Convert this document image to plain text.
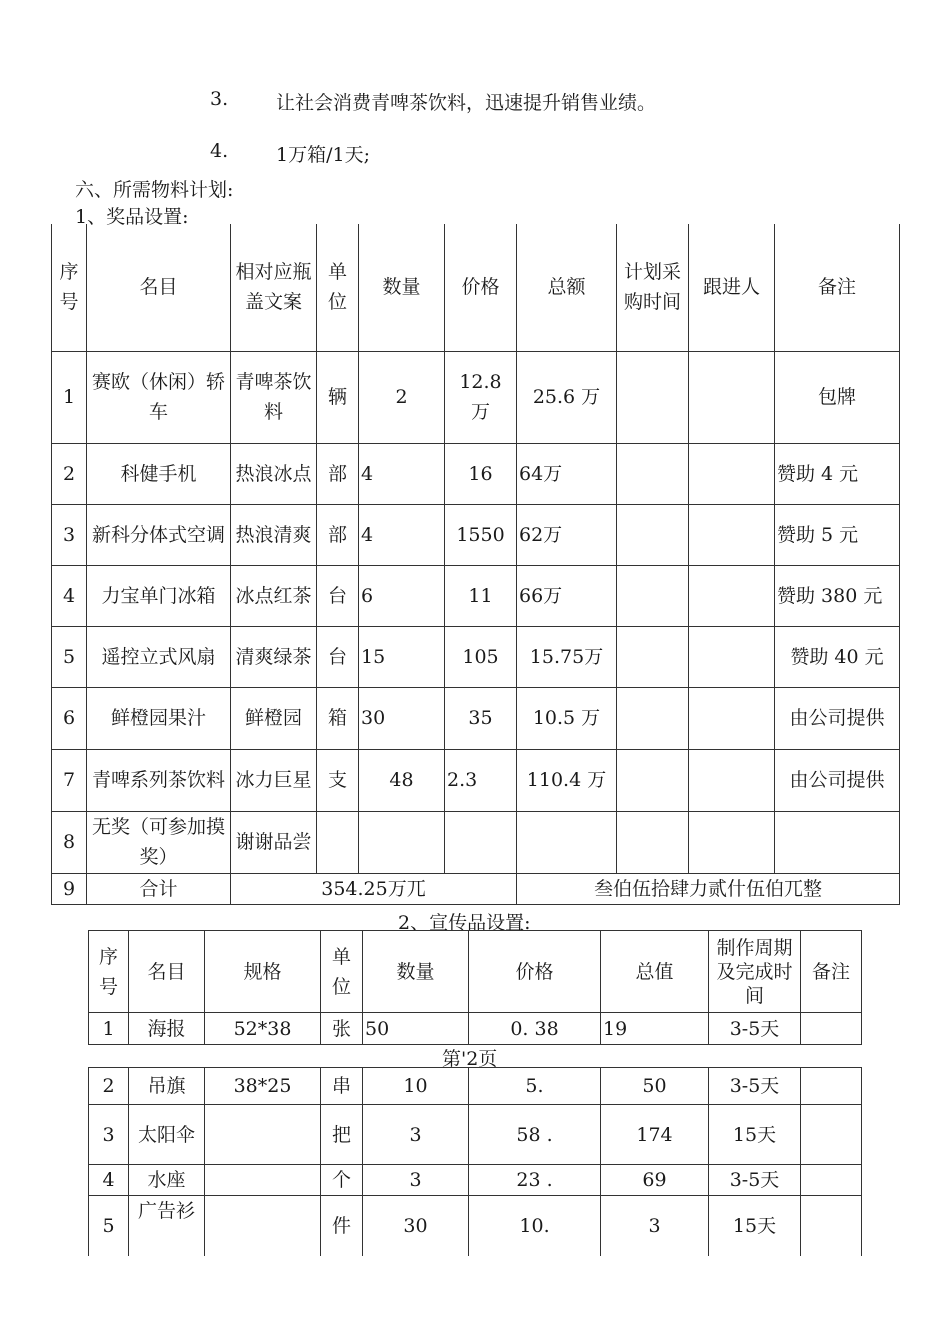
3.	让社会消费青啤茶饮料，迅速提升销售业绩。
4.	1万箱/1天;
六、所需物料计划:
1、奖品设置:
序号	名目	相对应瓶盖文案	单位	数量	价格	总额	计划采购时间	跟进人	备注
1	赛欧（休闲）轿车	青啤茶饮料	辆	2	12.8 万	25.6 万			包牌
2	科健手机	热浪冰点	部	4	16	64万			赞助 4 元
3	新科分体式空调	热浪清爽	部	4	1550	62万			赞助 5 元
4	力宝单门冰箱	冰点红茶	台	6	11	66万			赞助 380 元
5	遥控立式风扇	清爽绿茶	台	15	105	15.75万			赞助 40 元
6	鲜橙园果汁	鲜橙园	箱	30	35	10.5 万			由公司提供
7	青啤系列茶饮料	冰力巨星	支	48	2.3	110.4 万			由公司提供
8	无奖（可参加摸奖）	谢谢品尝							
9	合计	354.25万兀				叁伯伍拾肆力贰什伍伯兀整			
2、宣传品设置:
序号	名目	规格	单位	数量	价格	总值	制作周期及完成时间	备注
1	海报	52*38	张	50	0. 38	19	3-5天	
第'2页
2	吊旗	38*25	串	10	5.	50	3-5天	
3	太阳伞		把	3	58 .	174	15天	
4	水座		个	3	23 .	69	3-5天	
5	广告衫		件	30	10.	3	15天	
